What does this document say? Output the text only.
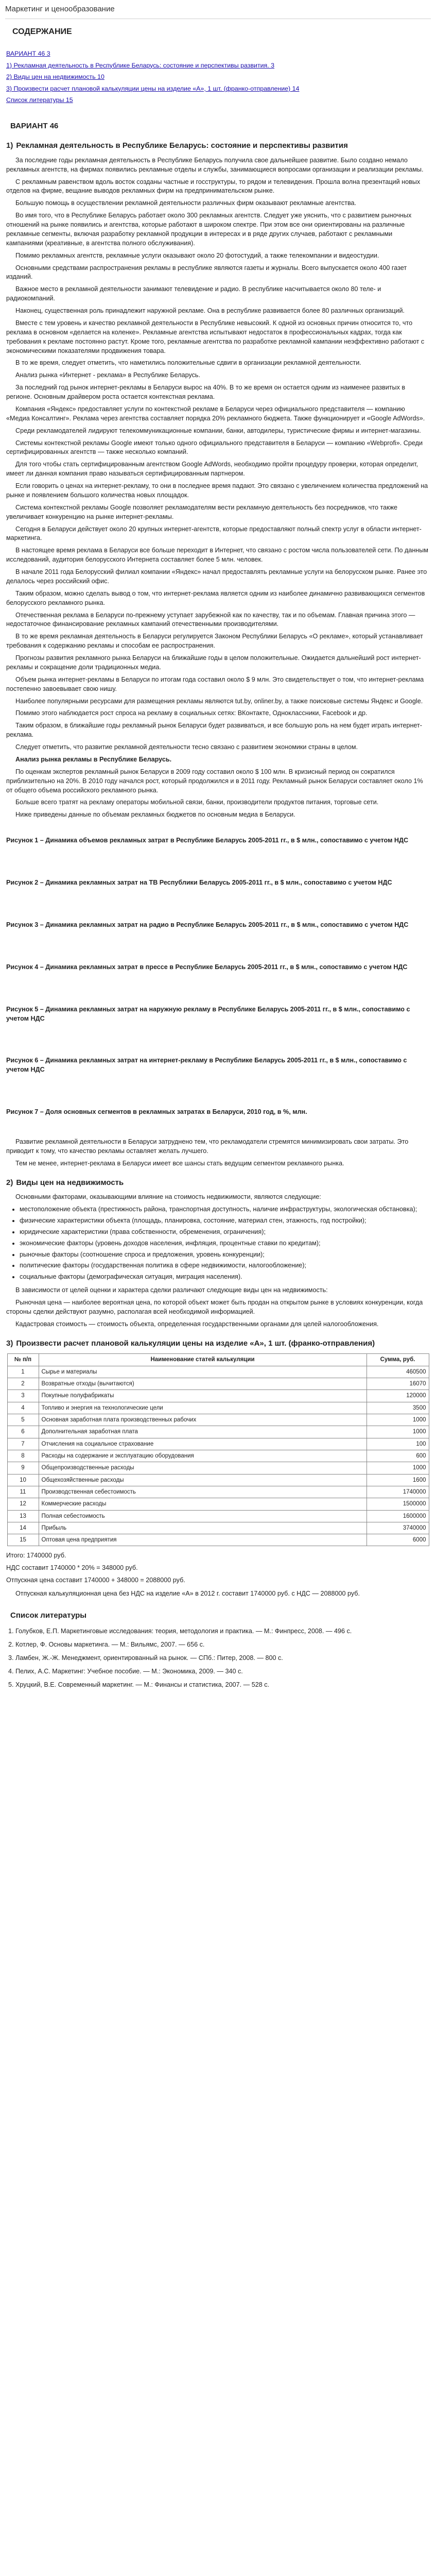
Маркетинг и ценообразование
СОДЕРЖАНИЕ
ВАРИАНТ 46 3
1) Рекламная деятельность в Республике Беларусь: состояние и перспективы развития. 3
2) Виды цен на недвижимость 10
3) Произвести расчет плановой калькуляции цены на изделие «А», 1 шт. (франко-отправление) 14
Список литературы 15
ВАРИАНТ 46
1) Рекламная деятельность в Республике Беларусь: состояние и перспективы развития

За последние годы рекламная деятельность в Республике Беларусь получила свое дальнейшее развитие. Было создано немало рекламных агентств, на фирмах появились рекламные отделы и службы, занимающиеся вопросами организации и реализации рекламы.

С рекламным равенством вдоль восток созданы частные и госструктуры, то рядом и телевидения. Прошла волна презентаций новых отделов на фирме, вещание выводов рекламных фирм на предпринимательском рынке.

Большую помощь в осуществлении рекламной деятельности различных фирм оказывают рекламные агентства.

Во имя того, что в Республике Беларусь работает около 300 рекламных агентств. Следует уже уяснить, что с развитием рыночных отношений на рынке появились и агентства, которые работают в широком спектре. При этом все они ориентированы на различные рекламные сегменты, включая разработку рекламной продукции в интересах и в ряде других случаев, работают с рекламными кампаниями (креативные, в агентства полного обслуживания).

Помимо рекламных агентств, рекламные услуги оказывают около 20 фотостудий, а также телекомпании и видеостудии.

Основными средствами распространения рекламы в республике являются газеты и журналы. Всего выпускается около 400 газет изданий.

Важное место в рекламной деятельности занимают телевидение и радио. В республике насчитывается около 80 теле- и радиокомпаний.

Наконец, существенная роль принадлежит наружной рекламе. Она в республике развивается более 80 различных организаций.

Вместе с тем уровень и качество рекламной деятельности в Республике невысокий. К одной из основных причин относится то, что реклама в основном «делается на коленке». Рекламные агентства испытывают недостаток в профессиональных кадрах, тогда как требования к рекламе постоянно растут. Кроме того, рекламные агентства по разработке рекламной кампании неэффективно работают с экономическими показателями продвижения товара.

В то же время, следует отметить, что наметились положительные сдвиги в организации рекламной деятельности.

Анализ рынка «Интернет - реклама» в Республике Беларусь.

За последний год рынок интернет-рекламы в Беларуси вырос на 40%. В то же время он остается одним из наименее развитых в регионе. Основным драйвером роста остается контекстная реклама.

Компания «Яндекс» предоставляет услуги по контекстной рекламе в Беларуси через официального представителя — компанию «Медиа Консалтинг». Реклама через агентства составляет порядка 20% рекламного бюджета. Также функционирует и «Google AdWords».

Среди рекламодателей лидируют телекоммуникационные компании, банки, автодилеры, туристические фирмы и интернет-магазины.

Системы контекстной рекламы Google имеют только одного официального представителя в Беларуси — компанию «Webprofi». Среди сертифицированных агентств — также несколько компаний.

Для того чтобы стать сертифицированным агентством Google AdWords, необходимо пройти процедуру проверки, которая определит, имеет ли данная компания право называться сертифицированным партнером.

Если говорить о ценах на интернет-рекламу, то они в последнее время падают. Это связано с увеличением количества предложений на рынке и появлением большого количества новых площадок.

Система контекстной рекламы Google позволяет рекламодателям вести рекламную деятельность без посредников, что также увеличивает конкуренцию на рынке интернет-рекламы.

Сегодня в Беларуси действует около 20 крупных интернет-агентств, которые предоставляют полный спектр услуг в области интернет-маркетинга.

В настоящее время реклама в Беларуси все больше переходит в Интернет, что связано с ростом числа пользователей сети. По данным исследований, аудитория белорусского Интернета составляет более 5 млн. человек.

В начале 2011 года Белорусский филиал компании «Яндекс» начал предоставлять рекламные услуги на белорусском рынке. Ранее это делалось через российский офис.

Таким образом, можно сделать вывод о том, что интернет-реклама является одним из наиболее динамично развивающихся сегментов белорусского рекламного рынка.

Отечественная реклама в Беларуси по-прежнему уступает зарубежной как по качеству, так и по объемам. Главная причина этого — недостаточное финансирование рекламных кампаний отечественными производителями.

В то же время рекламная деятельность в Беларуси регулируется Законом Республики Беларусь «О рекламе», который устанавливает требования к содержанию рекламы и способам ее распространения.

Прогнозы развития рекламного рынка Беларуси на ближайшие годы в целом положительные. Ожидается дальнейший рост интернет-рекламы и сокращение доли традиционных медиа.

Объем рынка интернет-рекламы в Беларуси по итогам года составил около $ 9 млн. Это свидетельствует о том, что интернет-реклама постепенно завоевывает свою нишу.

Наиболее популярными ресурсами для размещения рекламы являются tut.by, onliner.by, а также поисковые системы Яндекс и Google.

Помимо этого наблюдается рост спроса на рекламу в социальных сетях: ВКонтакте, Одноклассники, Facebook и др.

Таким образом, в ближайшие годы рекламный рынок Беларуси будет развиваться, и все большую роль на нем будет играть интернет-реклама.

Следует отметить, что развитие рекламной деятельности тесно связано с развитием экономики страны в целом.

Анализ рынка рекламы в Республике Беларусь.

По оценкам экспертов рекламный рынок Беларуси в 2009 году составил около $ 100 млн. В кризисный период он сократился приблизительно на 20%. В 2010 году начался рост, который продолжился и в 2011 году. Рекламный рынок Беларуси составляет около 1% от общего объема российского рекламного рынка.

Больше всего тратят на рекламу операторы мобильной связи, банки, производители продуктов питания, торговые сети.

Ниже приведены данные по объемам рекламных бюджетов по основным медиа в Беларуси.

Рисунок 1 – Динамика объемов рекламных затрат в Республике Беларусь 2005-2011 гг., в $ млн., сопоставимо с учетом НДС
Рисунок 2 – Динамика рекламных затрат на ТВ Республики Беларусь 2005-2011 гг., в $ млн., сопоставимо с учетом НДС
Рисунок 3 – Динамика рекламных затрат на радио в Республике Беларусь 2005-2011 гг., в $ млн., сопоставимо с учетом НДС
Рисунок 4 – Динамика рекламных затрат в прессе в Республике Беларусь 2005-2011 гг., в $ млн., сопоставимо с учетом НДС
Рисунок 5 – Динамика рекламных затрат на наружную рекламу в Республике Беларусь 2005-2011 гг., в $ млн., сопоставимо с учетом НДС
Рисунок 6 – Динамика рекламных затрат на интернет-рекламу в Республике Беларусь 2005-2011 гг., в $ млн., сопоставимо с учетом НДС
Рисунок 7 – Доля основных сегментов в рекламных затратах в Беларуси, 2010 год, в %, млн.

Развитие рекламной деятельности в Беларуси затруднено тем, что рекламодатели стремятся минимизировать свои затраты. Это приводит к тому, что качество рекламы оставляет желать лучшего.

Тем не менее, интернет-реклама в Беларуси имеет все шансы стать ведущим сегментом рекламного рынка.

2) Виды цен на недвижимость

Основными факторами, оказывающими влияние на стоимость недвижимости, являются следующие:

• местоположение объекта (престижность района, транспортная доступность, наличие инфраструктуры, экологическая обстановка);
• физические характеристики объекта (площадь, планировка, состояние, материал стен, этажность, год постройки);
• юридические характеристики (права собственности, обременения, ограничения);
• экономические факторы (уровень доходов населения, инфляция, процентные ставки по кредитам);
• рыночные факторы (соотношение спроса и предложения, уровень конкуренции);
• политические факторы (государственная политика в сфере недвижимости, налогообложение);
• социальные факторы (демографическая ситуация, миграция населения).

В зависимости от целей оценки и характера сделки различают следующие виды цен на недвижимость:

Рыночная цена — наиболее вероятная цена, по которой объект может быть продан на открытом рынке в условиях конкуренции, когда стороны сделки действуют разумно, располагая всей необходимой информацией.

Кадастровая стоимость — стоимость объекта, определенная государственными органами для целей налогообложения.

3) Произвести расчет плановой калькуляции цены на изделие «А», 1 шт. (франко-отправления)
№ п/п	Наименование статей калькуляции	Сумма, руб.
1	Сырье и материалы	460500
2	Возвратные отходы (вычитаются)	16070
3	Покупные полуфабрикаты	120000
4	Топливо и энергия на технологические цели	3500
5	Основная заработная плата производственных рабочих	1000
6	Дополнительная заработная плата	1000
7	Отчисления на социальное страхование	100
8	Расходы на содержание и эксплуатацию оборудования	600
9	Общепроизводственные расходы	1000
10	Общехозяйственные расходы	1600
11	Производственная себестоимость	1740000
12	Коммерческие расходы	1500000
13	Полная себестоимость	1600000
14	Прибыль	3740000
15	Оптовая цена предприятия	6000

Итого: 1740000 руб.

НДС составит 1740000 * 20% = 348000 руб.

Отпускная цена составит 1740000 + 348000 = 2088000 руб.

Отпускная калькуляционная цена без НДС на изделие «А» в 2012 г. составит 1740000 руб. с НДС — 2088000 руб.

Список литературы
1. Голубков, Е.П. Маркетинговые исследования: теория, методология и практика. — М.: Финпресс, 2008. — 496 с.
2. Котлер, Ф. Основы маркетинга. — М.: Вильямс, 2007. — 656 с.
3. Ламбен, Ж.-Ж. Менеджмент, ориентированный на рынок. — СПб.: Питер, 2008. — 800 с.
4. Пелих, А.С. Маркетинг: Учебное пособие. — М.: Экономика, 2009. — 340 с.
5. Хруцкий, В.Е. Современный маркетинг. — М.: Финансы и статистика, 2007. — 528 с.
